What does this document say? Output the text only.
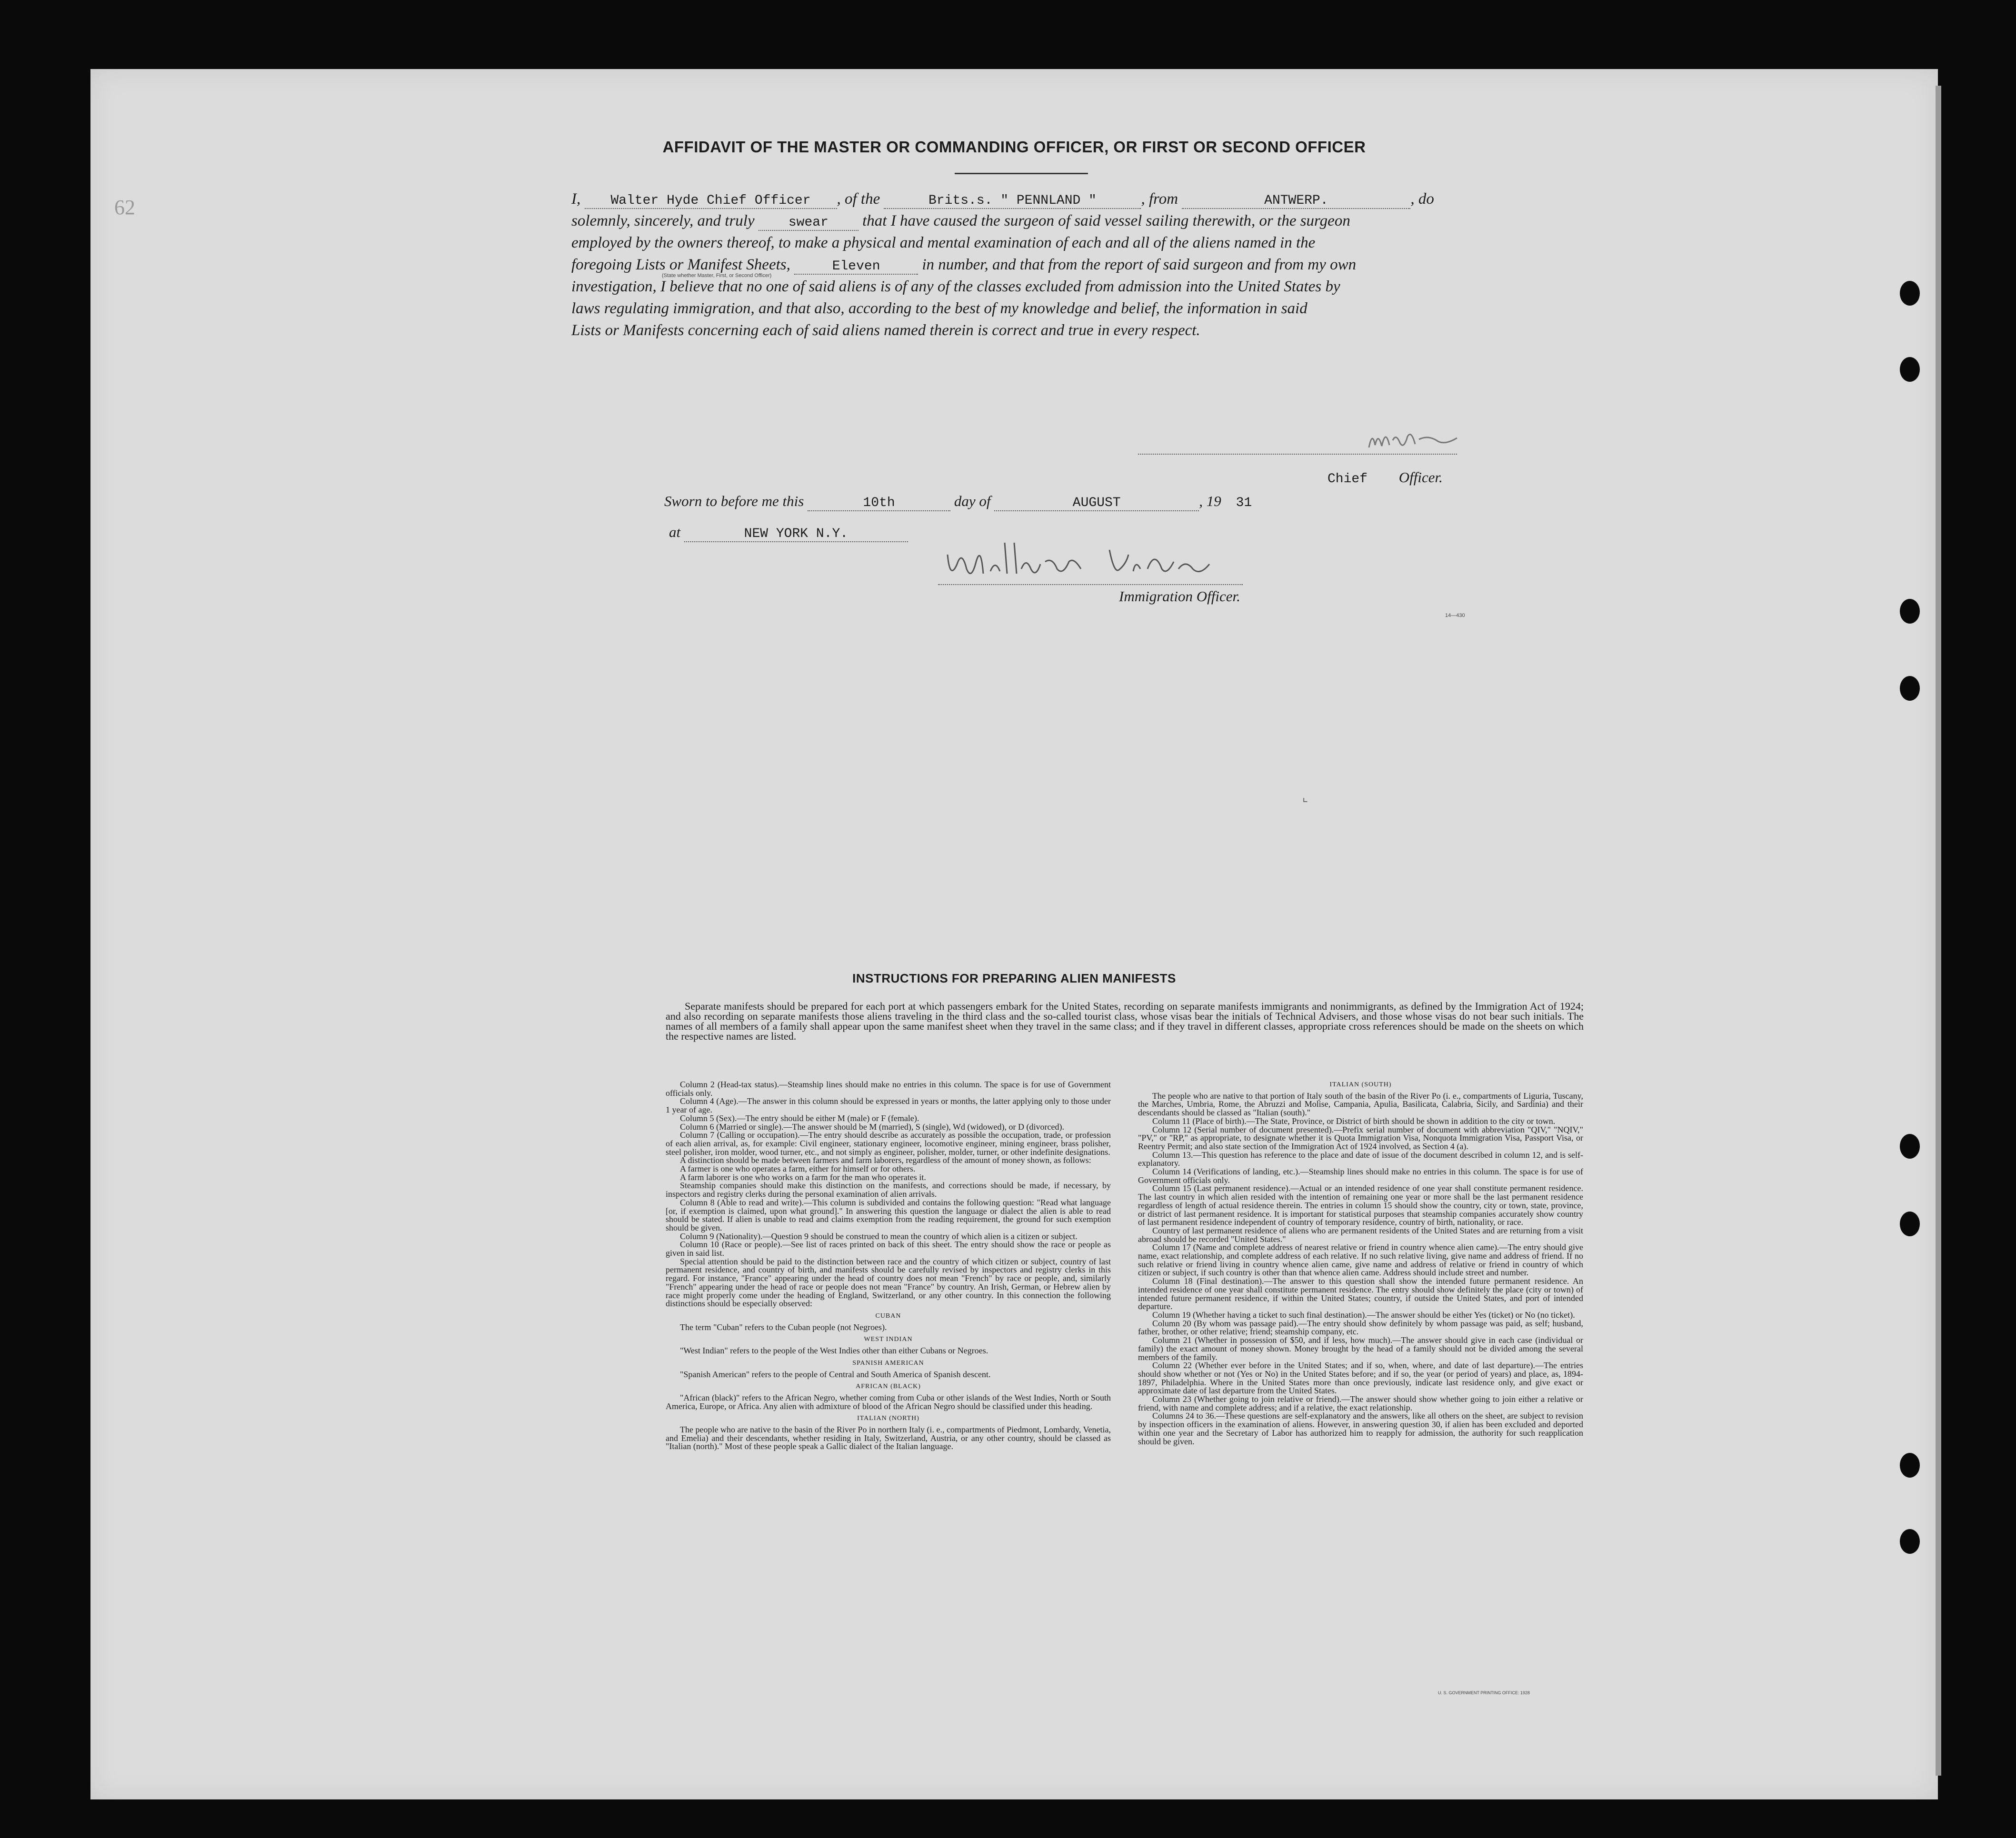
62
AFFIDAVIT OF THE MASTER OR COMMANDING OFFICER, OR FIRST OR SECOND OFFICER

I, Walter Hyde Chief Officer , of the	Brits.s. " PENNLAND "	, from	ANTWERP.	, do

solemnly, sincerely, and truly	swear that I have caused the surgeon of said vessel sailing therewith, or the surgeon

employed by the owners thereof, to make a physical and mental examination of each and all of the aliens named in the

foregoing Lists or Manifest Sheets,	Eleven	in number, and that from the report of said surgeon and from my own

investigation, I believe that no one of said aliens is of any of the classes excluded from admission into the United States by

laws regulating immigration, and that also, according to the best of my knowledge and belief, the information in said

Lists or Manifests concerning each of said aliens named therein is correct and true in every respect.

(State whether Master, First, or Second Officer)
Chief Officer.
Sworn to before me this	10th	day of	AUGUST	, 19 31
at	NEW YORK N.Y.
Immigration Officer.
14—430
⌞
INSTRUCTIONS FOR PREPARING ALIEN MANIFESTS
Separate manifests should be prepared for each port at which passengers embark for the United States, recording on separate manifests immigrants and nonimmigrants, as defined by the Immigration Act of 1924; and also recording on separate manifests those aliens traveling in the third class and the so-called tourist class, whose visas bear the initials of Technical Advisers, and those whose visas do not bear such initials. The names of all members of a family shall appear upon the same manifest sheet when they travel in the same class; and if they travel in different classes, appropriate cross references should be made on the sheets on which the respective names are listed.

Column 2 (Head-tax status).—Steamship lines should make no entries in this column. The space is for use of Government officials only.

Column 4 (Age).—The answer in this column should be expressed in years or months, the latter applying only to those under 1 year of age.

Column 5 (Sex).—The entry should be either M (male) or F (female).

Column 6 (Married or single).—The answer should be M (married), S (single), Wd (widowed), or D (divorced).

Column 7 (Calling or occupation).—The entry should describe as accurately as possible the occupation, trade, or profession of each alien arrival, as, for example: Civil engineer, stationary engineer, locomotive engineer, mining engineer, brass polisher, steel polisher, iron molder, wood turner, etc., and not simply as engineer, polisher, molder, turner, or other indefinite designations.

A distinction should be made between farmers and farm laborers, regardless of the amount of money shown, as follows:

A farmer is one who operates a farm, either for himself or for others.

A farm laborer is one who works on a farm for the man who operates it.

Steamship companies should make this distinction on the manifests, and corrections should be made, if necessary, by inspectors and registry clerks during the personal examination of alien arrivals.

Column 8 (Able to read and write).—This column is subdivided and contains the following question: "Read what language [or, if exemption is claimed, upon what ground]." In answering this question the language or dialect the alien is able to read should be stated. If alien is unable to read and claims exemption from the reading requirement, the ground for such exemption should be given.

Column 9 (Nationality).—Question 9 should be construed to mean the country of which alien is a citizen or subject.

Column 10 (Race or people).—See list of races printed on back of this sheet. The entry should show the race or people as given in said list.

Special attention should be paid to the distinction between race and the country of which citizen or subject, country of last permanent residence, and country of birth, and manifests should be carefully revised by inspectors and registry clerks in this regard. For instance, "France" appearing under the head of country does not mean "French" by race or people, and, similarly "French" appearing under the head of race or people does not mean "France" by country. An Irish, German, or Hebrew alien by race might properly come under the heading of England, Switzerland, or any other country. In this connection the following distinctions should be especially observed:

CUBAN

The term "Cuban" refers to the Cuban people (not Negroes).

WEST INDIAN

"West Indian" refers to the people of the West Indies other than either Cubans or Negroes.

SPANISH AMERICAN

"Spanish American" refers to the people of Central and South America of Spanish descent.

AFRICAN (BLACK)

"African (black)" refers to the African Negro, whether coming from Cuba or other islands of the West Indies, North or South America, Europe, or Africa. Any alien with admixture of blood of the African Negro should be classified under this heading.

ITALIAN (NORTH)

The people who are native to the basin of the River Po in northern Italy (i. e., compartments of Piedmont, Lombardy, Venetia, and Emelia) and their descendants, whether residing in Italy, Switzerland, Austria, or any other country, should be classed as "Italian (north)." Most of these people speak a Gallic dialect of the Italian language.

ITALIAN (SOUTH)

The people who are native to that portion of Italy south of the basin of the River Po (i. e., compartments of Liguria, Tuscany, the Marches, Umbria, Rome, the Abruzzi and Molise, Campania, Apulia, Basilicata, Calabria, Sicily, and Sardinia) and their descendants should be classed as "Italian (south)."

Column 11 (Place of birth).—The State, Province, or District of birth should be shown in addition to the city or town.

Column 12 (Serial number of document presented).—Prefix serial number of document with abbreviation "QIV," "NQIV," "PV," or "RP," as appropriate, to designate whether it is Quota Immigration Visa, Nonquota Immigration Visa, Passport Visa, or Reentry Permit; and also state section of the Immigration Act of 1924 involved, as Section 4 (a).

Column 13.—This question has reference to the place and date of issue of the document described in column 12, and is self-explanatory.

Column 14 (Verifications of landing, etc.).—Steamship lines should make no entries in this column. The space is for use of Government officials only.

Column 15 (Last permanent residence).—Actual or an intended residence of one year shall constitute permanent residence. The last country in which alien resided with the intention of remaining one year or more shall be the last permanent residence regardless of length of actual residence therein. The entries in column 15 should show the country, city or town, state, province, or district of last permanent residence. It is important for statistical purposes that steamship companies accurately show country of last permanent residence independent of country of temporary residence, country of birth, nationality, or race.

Country of last permanent residence of aliens who are permanent residents of the United States and are returning from a visit abroad should be recorded "United States."

Column 17 (Name and complete address of nearest relative or friend in country whence alien came).—The entry should give name, exact relationship, and complete address of each relative. If no such relative living, give name and address of friend. If no such relative or friend living in country whence alien came, give name and address of relative or friend in country of which citizen or subject, if such country is other than that whence alien came. Address should include street and number.

Column 18 (Final destination).—The answer to this question shall show the intended future permanent residence. An intended residence of one year shall constitute permanent residence. The entry should show definitely the place (city or town) of intended future permanent residence, if within the United States; country, if outside the United States, and port of intended departure.

Column 19 (Whether having a ticket to such final destination).—The answer should be either Yes (ticket) or No (no ticket).

Column 20 (By whom was passage paid).—The entry should show definitely by whom passage was paid, as self; husband, father, brother, or other relative; friend; steamship company, etc.

Column 21 (Whether in possession of $50, and if less, how much).—The answer should give in each case (individual or family) the exact amount of money shown. Money brought by the head of a family should not be divided among the several members of the family.

Column 22 (Whether ever before in the United States; and if so, when, where, and date of last departure).—The entries should show whether or not (Yes or No) in the United States before; and if so, the year (or period of years) and place, as, 1894-1897, Philadelphia. Where in the United States more than once previously, indicate last residence only, and give exact or approximate date of last departure from the United States.

Column 23 (Whether going to join relative or friend).—The answer should show whether going to join either a relative or friend, with name and complete address; and if a relative, the exact relationship.

Columns 24 to 36.—These questions are self-explanatory and the answers, like all others on the sheet, are subject to revision by inspection officers in the examination of aliens. However, in answering question 30, if alien has been excluded and deported within one year and the Secretary of Labor has authorized him to reapply for admission, the authority for such reapplication should be given.

U. S. GOVERNMENT PRINTING OFFICE: 1928
